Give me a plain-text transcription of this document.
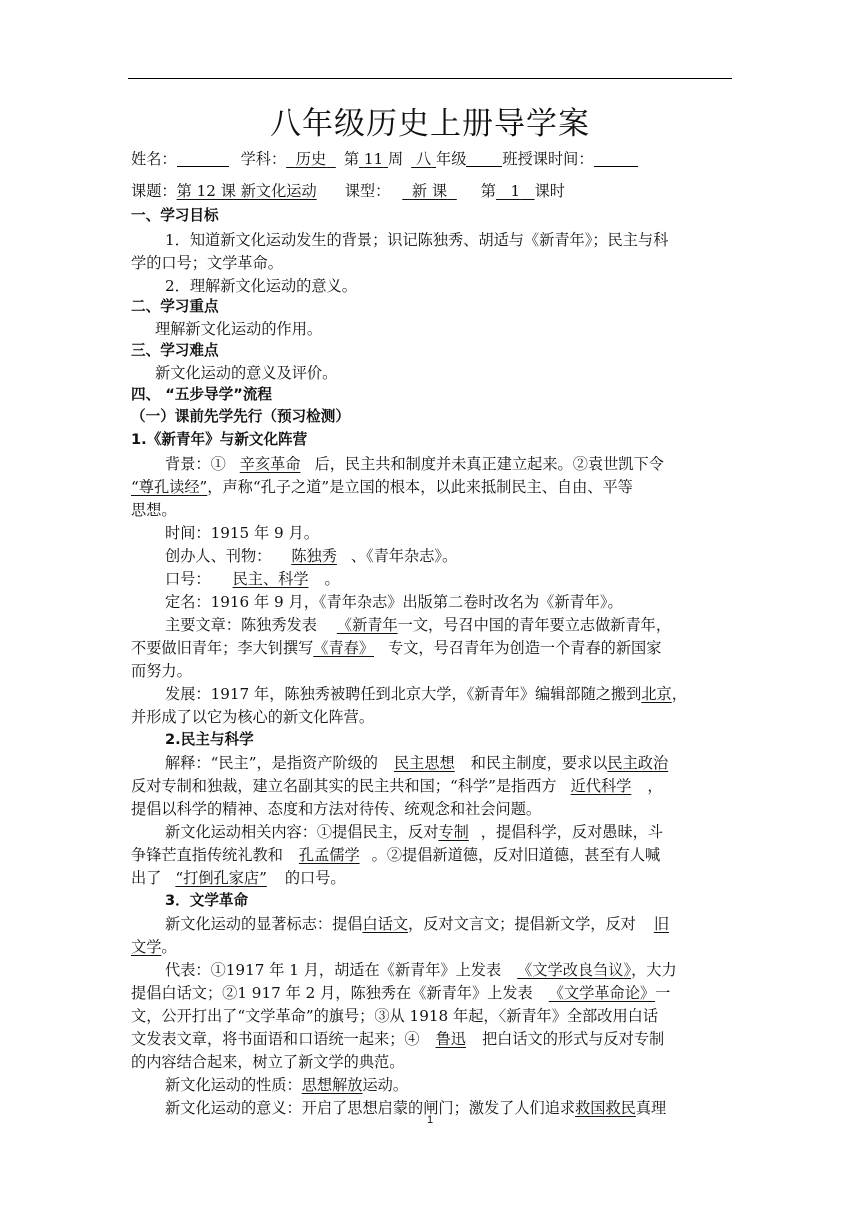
八年级历史上册导学案
姓名：	学科： 历史 第 11 周 八 年级 班授课时间：
课题：第 12 课 新文化运动 课型： 新 课 第 1 课时
一、学习目标
1．知道新文化运动发生的背景；识记陈独秀、胡适与《新青年》；民主与科
学的口号；文学革命。
2．理解新文化运动的意义。
二、学习重点
理解新文化运动的作用。
三、学习难点
新文化运动的意义及评价。
四、 “五步导学”流程
（一）课前先学先行（预习检测）
1.《新青年》与新文化阵营
背景：① 辛亥革命 后，民主共和制度并未真正建立起来。②袁世凯下令
“尊孔读经”，声称“孔子之道”是立国的根本，以此来抵制民主、自由、平等
思想。
时间：1915 年 9 月。
创办人、刊物： 陈独秀 、《青年杂志》。
口号： 民主、科学 。
定名：1916 年 9 月，《青年杂志》出版第二卷时改名为《新青年》。
主要文章：陈独秀发表 《新青年一文，号召中国的青年要立志做新青年，
不要做旧青年；李大钊撰写《青春》 专文，号召青年为创造一个青春的新国家
而努力。
发展：1917 年，陈独秀被聘任到北京大学，《新青年》编辑部随之搬到北京，
并形成了以它为核心的新文化阵营。
2.民主与科学
解释：“民主”，是指资产阶级的 民主思想 和民主制度，要求以民主政治
反对专制和独裁，建立名副其实的民主共和国；“科学”是指西方 近代科学 ，
提倡以科学的精神、态度和方法对待传、统观念和社会问题。
新文化运动相关内容：①提倡民主，反对专制 ，提倡科学，反对愚昧，斗
争锋芒直指传统礼教和 孔孟儒学 。②提倡新道德，反对旧道德，甚至有人喊
出了 “打倒孔家店” 的口号。
3．文学革命
新文化运动的显著标志：提倡白话文，反对文言文；提倡新文学，反对 旧
文学。
代表：①1917 年 1 月，胡适在《新青年》上发表 《文学改良刍议》，大力
提倡白话文；②1 917 年 2 月，陈独秀在《新青年》上发表 《文学革命论》一
文，公开打出了“文学革命”的旗号；③从 1918 年起，〈新青年》全部改用白话
文发表文章，将书面语和口语统一起来；④ 鲁迅 把白话文的形式与反对专制
的内容结合起来，树立了新文学的典范。
新文化运动的性质：思想解放运动。
新文化运动的意义：开启了思想启蒙的闸门；激发了人们追求救国救民真理
1
